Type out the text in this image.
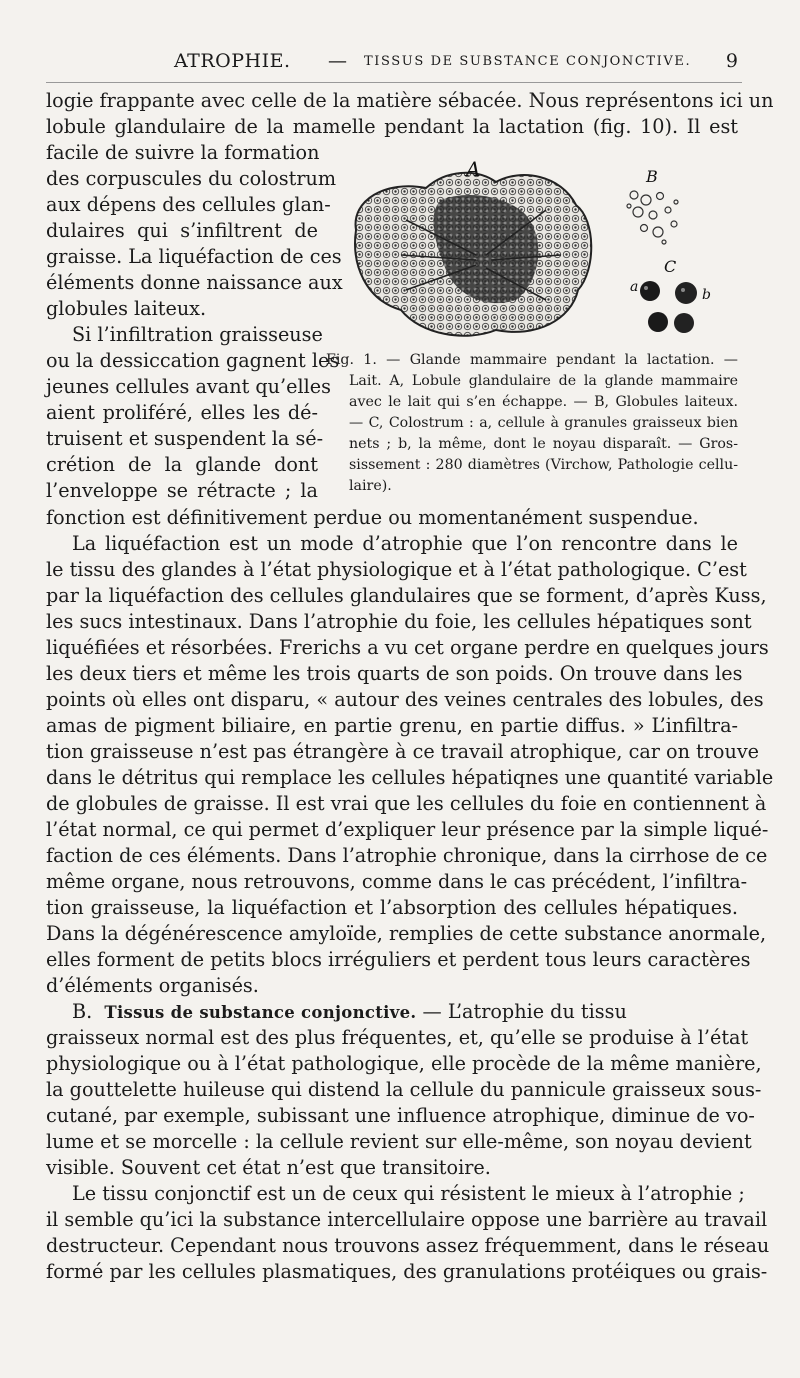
ATROPHIE. — TISSUS DE SUBSTANCE CONJONCTIVE. 9
logie frappante avec celle de la matière sébacée. Nous représentons ici un
lobule glandulaire de la mamelle pendant la lactation (fig. 10). Il est
facile de suivre la formation
des corpuscules du colostrum
aux dépens des cellules glan-
dulaires qui s’infiltrent de
graisse. La liquéfaction de ces
éléments donne naissance aux
globules laiteux.
Si l’infiltration graisseuse
ou la dessiccation gagnent les
jeunes cellules avant qu’elles
aient proliféré, elles les dé-
truisent et suspendent la sé-
crétion de la glande dont
l’enveloppe se rétracte ; la
A	B
C
a	b
Fig. 1. — Glande mammaire pendant la lactation. —
Lait. A, Lobule glandulaire de la glande mammaire
avec le lait qui s’en échappe. — B, Globules laiteux.
— C, Colostrum : a, cellule à granules graisseux bien
nets ; b, la même, dont le noyau disparaît. — Gros-
sissement : 280 diamètres (Virchow, Pathologie cellu-
laire).
fonction est définitivement perdue ou momentanément suspendue.
La liquéfaction est un mode d’atrophie que l’on rencontre dans le
le tissu des glandes à l’état physiologique et à l’état pathologique. C’est
par la liquéfaction des cellules glandulaires que se forment, d’après Kuss,
les sucs intestinaux. Dans l’atrophie du foie, les cellules hépatiques sont
liquéfiées et résorbées. Frerichs a vu cet organe perdre en quelques jours
les deux tiers et même les trois quarts de son poids. On trouve dans les
points où elles ont disparu, « autour des veines centrales des lobules, des
amas de pigment biliaire, en partie grenu, en partie diffus. » L’infiltra-
tion graisseuse n’est pas étrangère à ce travail atrophique, car on trouve
dans le détritus qui remplace les cellules hépatiqnes une quantité variable
de globules de graisse. Il est vrai que les cellules du foie en contiennent à
l’état normal, ce qui permet d’expliquer leur présence par la simple liqué-
faction de ces éléments. Dans l’atrophie chronique, dans la cirrhose de ce
même organe, nous retrouvons, comme dans le cas précédent, l’infiltra-
tion graisseuse, la liquéfaction et l’absorption des cellules hépatiques.
Dans la dégénérescence amyloïde, remplies de cette substance anormale,
elles forment de petits blocs irréguliers et perdent tous leurs caractères
d’éléments organisés.
B. Tissus de substance conjonctive. — L’atrophie du tissu
graisseux normal est des plus fréquentes, et, qu’elle se produise à l’état
physiologique ou à l’état pathologique, elle procède de la même manière,
la gouttelette huileuse qui distend la cellule du pannicule graisseux sous-
cutané, par exemple, subissant une influence atrophique, diminue de vo-
lume et se morcelle : la cellule revient sur elle-même, son noyau devient
visible. Souvent cet état n’est que transitoire.
Le tissu conjonctif est un de ceux qui résistent le mieux à l’atrophie ;
il semble qu’ici la substance intercellulaire oppose une barrière au travail
destructeur. Cependant nous trouvons assez fréquemment, dans le réseau
formé par les cellules plasmatiques, des granulations protéiques ou grais-
